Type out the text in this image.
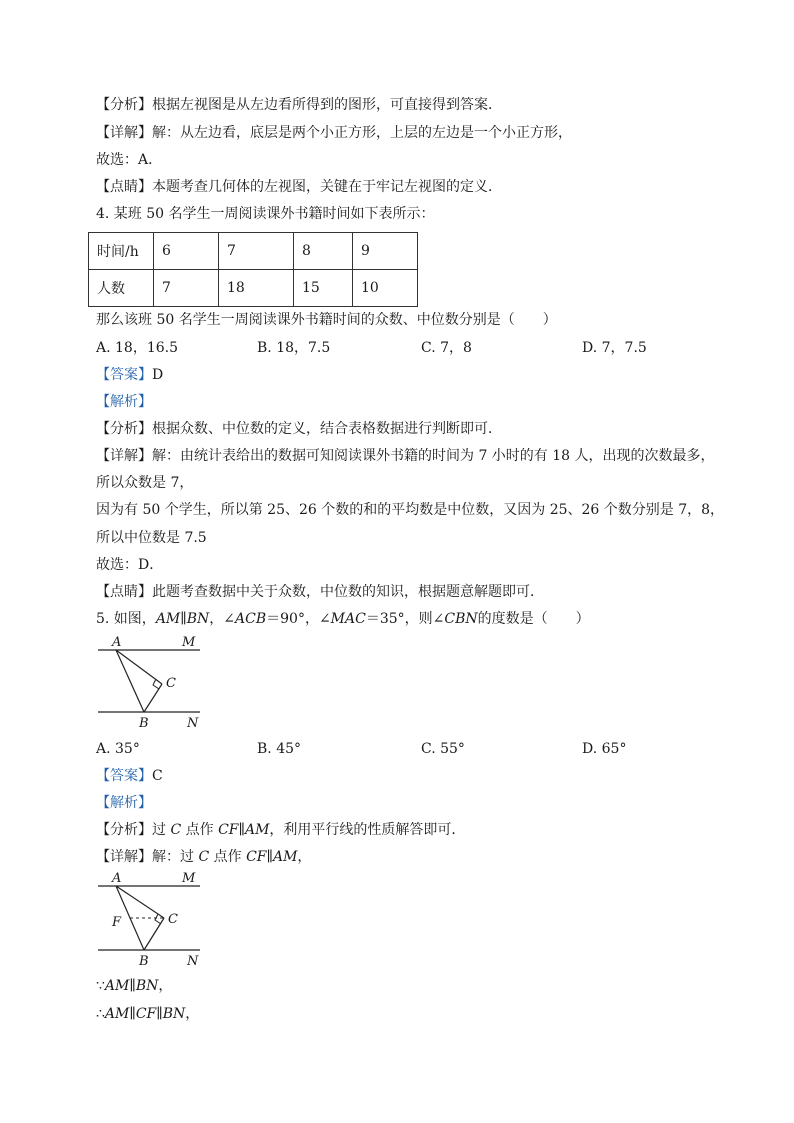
【分析】根据左视图是从左边看所得到的图形，可直接得到答案．
【详解】解：从左边看，底层是两个小正方形，上层的左边是一个小正方形，
故选：A．
【点睛】本题考查几何体的左视图，关键在于牢记左视图的定义．
4. 某班 50 名学生一周阅读课外书籍时间如下表所示：
时间/h	6	7	8	9
人数	7	18	15	10
那么该班 50 名学生一周阅读课外书籍时间的众数、中位数分别是（　　）
A. 18，16.5	B. 18，7.5	C. 7，8	D. 7，7.5
【答案】D
【解析】
【分析】根据众数、中位数的定义，结合表格数据进行判断即可．
【详解】解：由统计表给出的数据可知阅读课外书籍的时间为 7 小时的有 18 人，出现的次数最多，
所以众数是 7，
因为有 50 个学生，所以第 25、26 个数的和的平均数是中位数，又因为 25、26 个数分别是 7，8，
所以中位数是 7.5
故选：D．
【点睛】此题考查数据中关于众数，中位数的知识，根据题意解题即可．
5. 如图，AM∥BN，∠ACB＝90°，∠MAC＝35°，则∠CBN的度数是（　　）
A	M
C
B	N
A. 35°	B. 45°	C. 55°	D. 65°
【答案】C
【解析】
【分析】过 C 点作 CF∥AM，利用平行线的性质解答即可．
【详解】解：过 C 点作 CF∥AM，
A	M
C
F
B	N
∵AM∥BN，
∴AM∥CF∥BN，
